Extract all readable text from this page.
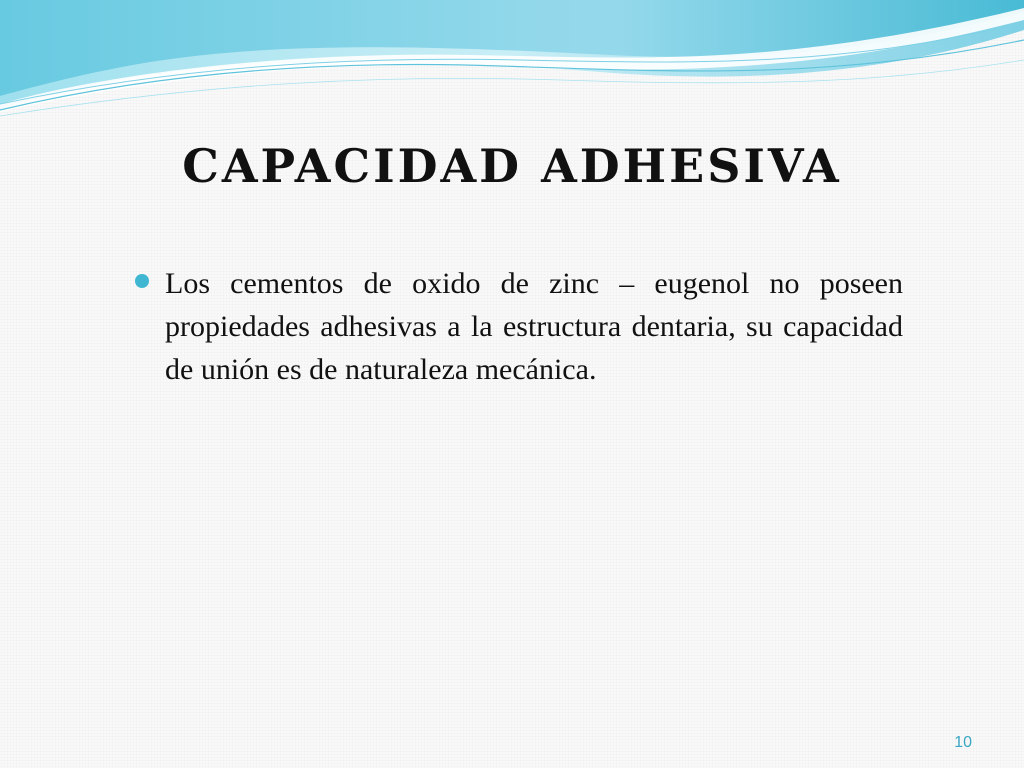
CAPACIDAD ADHESIVA
Los cementos de oxido de zinc – eugenol no poseen propiedades adhesivas a la estructura dentaria, su capacidad de unión es de naturaleza mecánica.
10
